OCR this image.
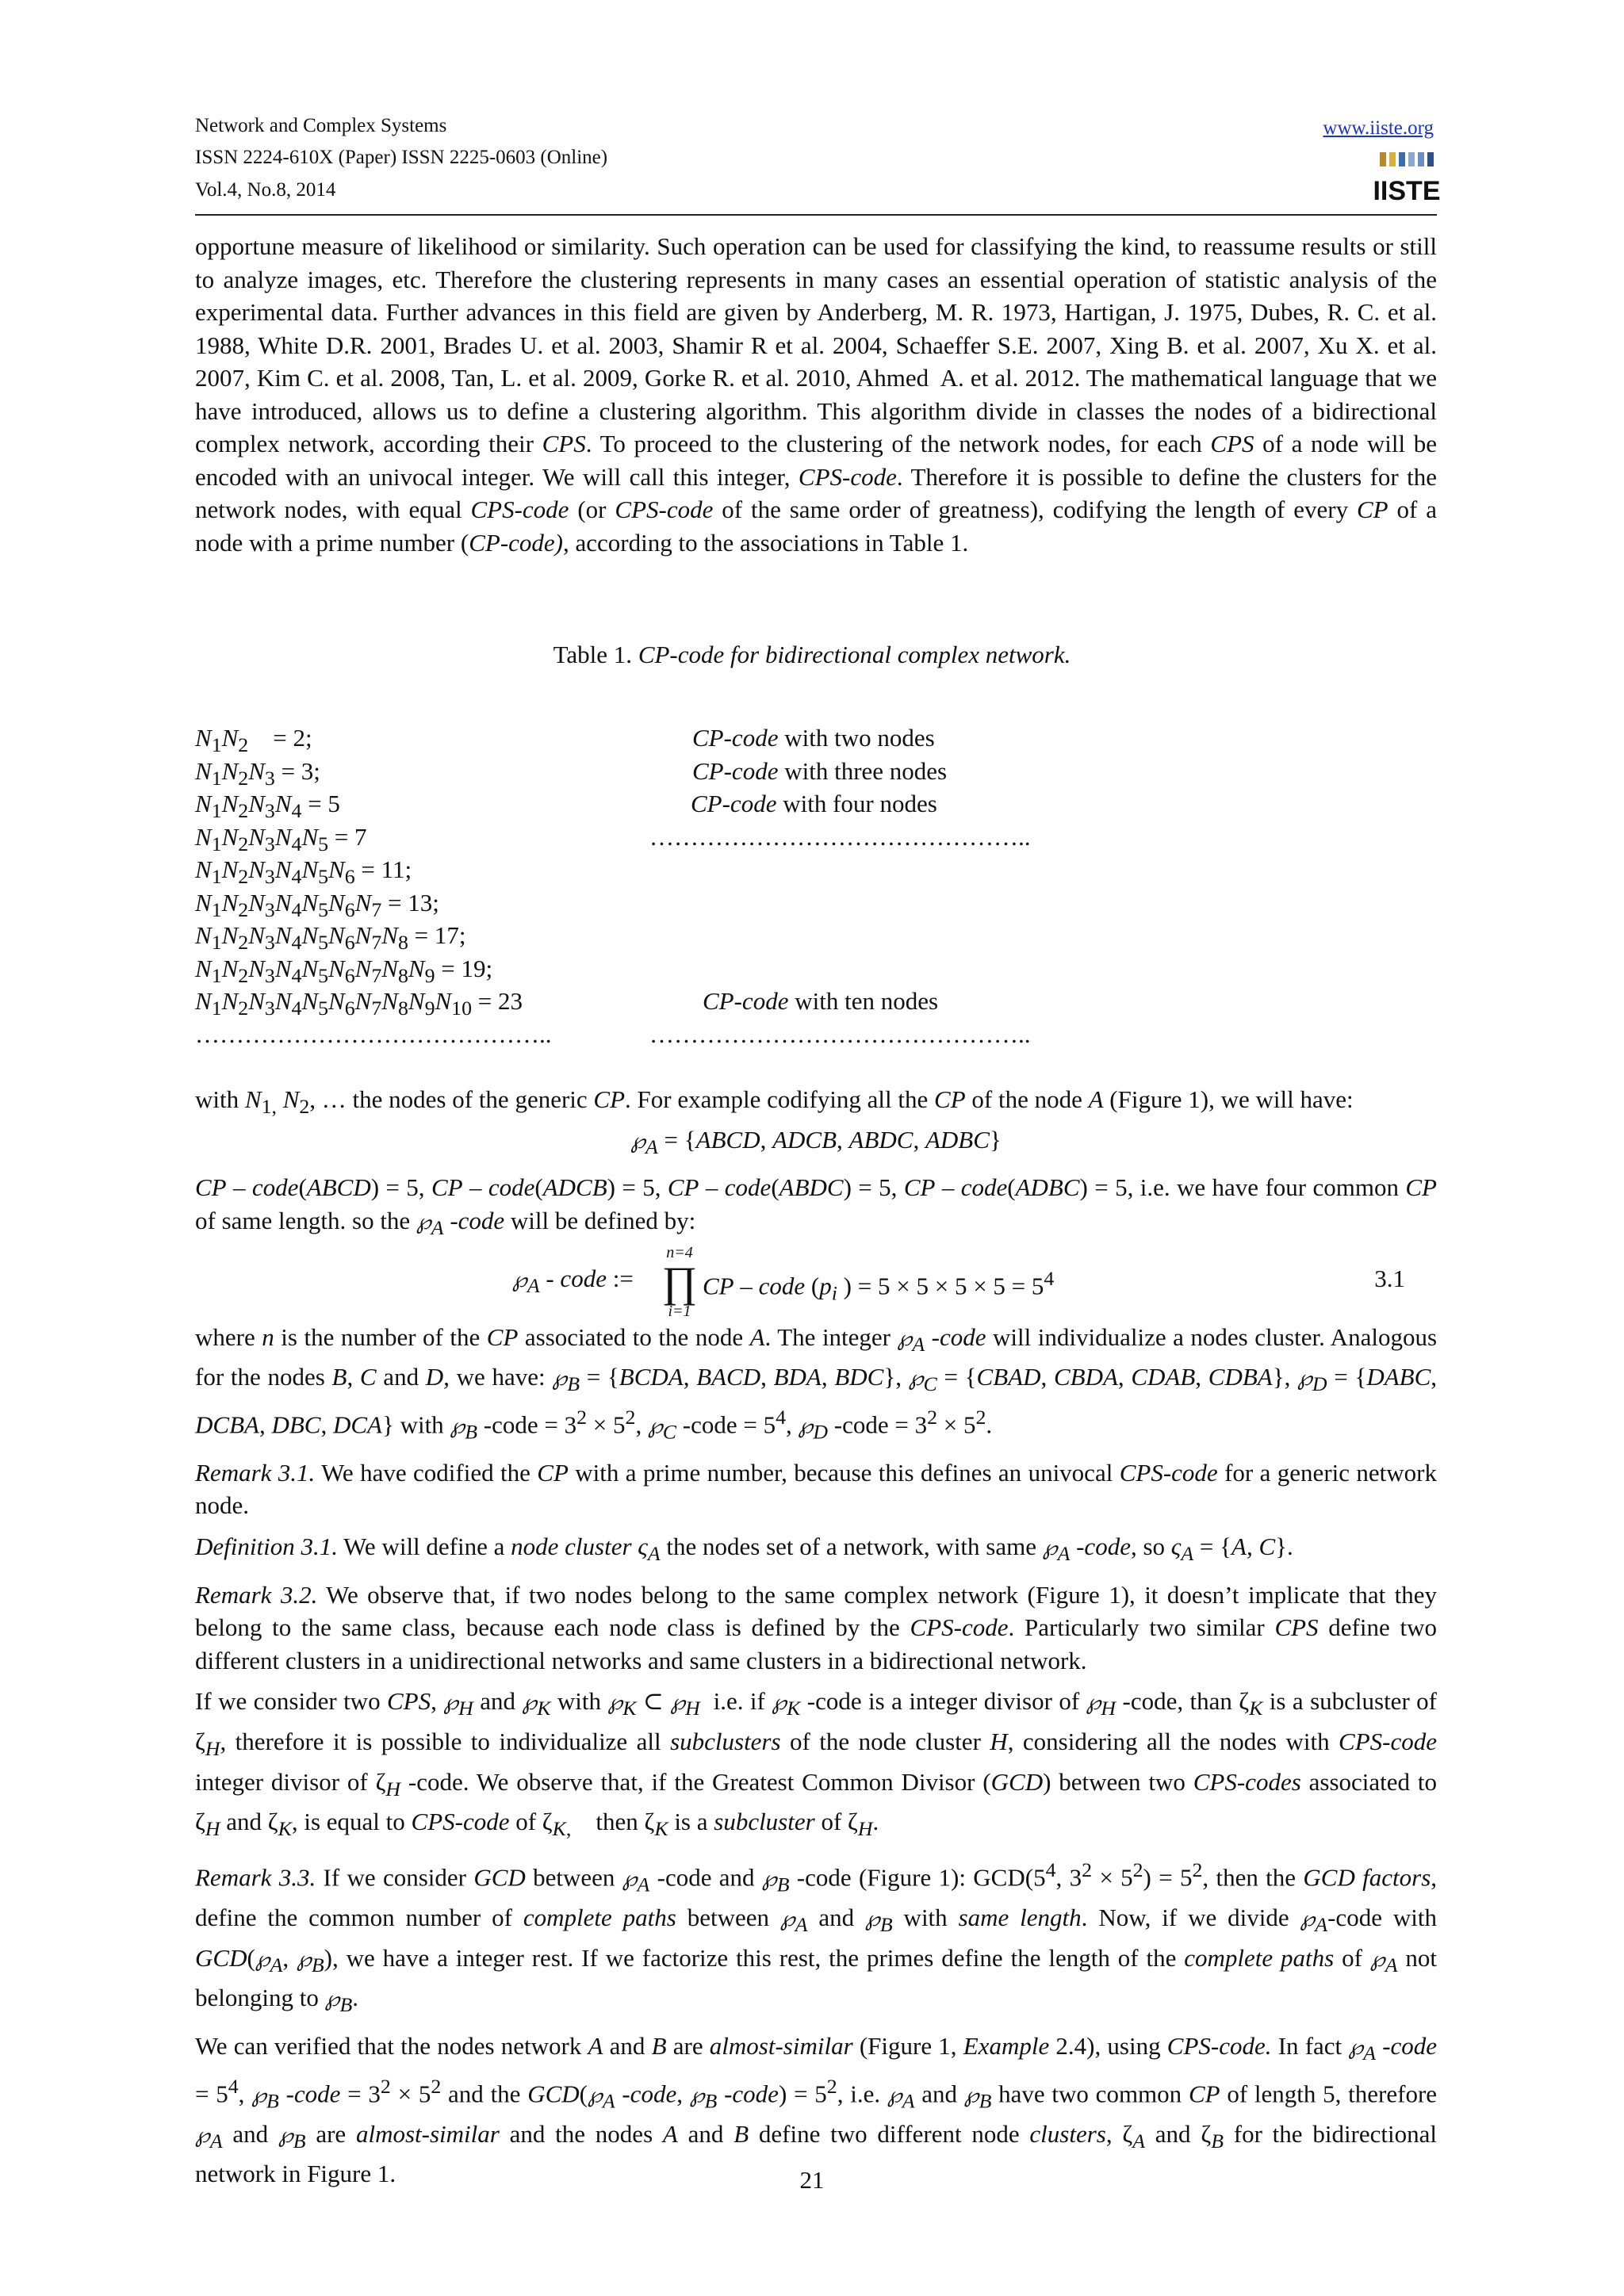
Network and Complex Systems
ISSN 2224-610X (Paper) ISSN 2225-0603 (Online)
Vol.4, No.8, 2014
www.iiste.org
IISTE

opportune measure of likelihood or similarity. Such operation can be used for classifying the kind, to reassume results or still to analyze images, etc. Therefore the clustering represents in many cases an essential operation of statistic analysis of the experimental data. Further advances in this field are given by Anderberg, M. R. 1973, Hartigan, J. 1975, Dubes, R. C. et al. 1988, White D.R. 2001, Brades U. et al. 2003, Shamir R et al. 2004, Schaeffer S.E. 2007, Xing B. et al. 2007, Xu X. et al. 2007, Kim C. et al. 2008, Tan, L. et al. 2009, Gorke R. et al. 2010, Ahmed  A. et al. 2012. The mathematical language that we have introduced, allows us to define a clustering algorithm. This algorithm divide in classes the nodes of a bidirectional complex network, according their CPS. To proceed to the clustering of the network nodes, for each CPS of a node will be encoded with an univocal integer. We will call this integer, CPS-code. Therefore it is possible to define the clusters for the network nodes, with equal CPS-code (or CPS-code of the same order of greatness), codifying the length of every CP of a node with a prime number (CP-code), according to the associations in Table 1.

Table 1. CP-code for bidirectional complex network.
$N_1N_2$    = 2;	CP-code with two nodes
$N_1N_2N_3 = 3$;	CP-code with three nodes
$N_1N_2N_3N_4 = 5$	CP-code with four nodes
$N_1N_2N_3N_4N_5 = 7$	………………………………………..
$N_1N_2N_3N_4N_5N_6 = 11$;
$N_1N_2N_3N_4N_5N_6N_7 = 13$;
$N_1N_2N_3N_4N_5N_6N_7N_8 = 17$;
$N_1N_2N_3N_4N_5N_6N_7N_8N_9 = 19$;
$N_1N_2N_3N_4N_5N_6N_7N_8N_9N_{10} = 23$	CP-code with ten nodes
……………………………………..	………………………………………..

with $N_{1,}$ $N_2$, … the nodes of the generic CP. For example codifying all the CP of the node A (Figure 1), we will have:

$℘_A$ = {ABCD, ADCB, ABDC, ADBC}

CP – code(ABCD) = 5, CP – code(ADCB) = 5, CP – code(ABDC) = 5, CP – code(ADBC) = 5, i.e. we have four common CP of same length. so the $℘_A$ -code will be defined by:

n=4
∏
i=1
$℘_A$ - code :=	CP – code ($p_i$ ) = $5 \times 5 \times 5 \times 5 = 5^4$	3.1

where n is the number of the CP associated to the node A. The integer $℘_A$ -code will individualize a nodes cluster. Analogous for the nodes B, C and D, we have: $℘_B$ = {BCDA, BACD, BDA, BDC}, $℘_C$ = {CBAD, CBDA, CDAB, CDBA}, $℘_D$ = {DABC, DCBA, DBC, DCA} with $℘_B$ -code = $3^2 \times 5^2$, $℘_C$ -code = $5^4$, $℘_D$ -code = $3^2 \times 5^2$.

Remark 3.1. We have codified the CP with a prime number, because this defines an univocal CPS-code for a generic network node.

Definition 3.1. We will define a node cluster $\varsigma_A$ the nodes set of a network, with same $℘_A$ -code, so $\varsigma_A = \{A$, C}.

Remark 3.2. We observe that, if two nodes belong to the same complex network (Figure 1), it doesn’t implicate that they belong to the same class, because each node class is defined by the CPS-code. Particularly two similar CPS define two different clusters in a unidirectional networks and same clusters in a bidirectional network.

If we consider two CPS, $℘_H$ and $℘_K$ with $℘_K$ ⊂ $℘_H$  i.e. if $℘_K$ -code is a integer divisor of $℘_H$ -code, than $\zeta_K$ is a subcluster of $\zeta_H$, therefore it is possible to individualize all subclusters of the node cluster H, considering all the nodes with CPS-code integer divisor of $\zeta_H$ -code. We observe that, if the Greatest Common Divisor (GCD) between two CPS-codes associated to $\zeta_H$ and $\zeta_K$, is equal to CPS-code of $\zeta_{K,}$    then $\zeta_K$ is a subcluster of $\zeta_H$.

Remark 3.3. If we consider GCD between $℘_A$ -code and $℘_B$ -code (Figure 1): $GCD(5^4$, $3^2 \times 5^2) = 5^2$, then the GCD factors, define the common number of complete paths between $℘_A$ and $℘_B$ with same length. Now, if we divide $℘_A$-code with $GCD(℘_A$, $℘_B$), we have a integer rest. If we factorize this rest, the primes define the length of the complete paths of $℘_A$ not belonging to $℘_B$.

We can verified that the nodes network A and B are almost-similar (Figure 1, Example 2.4), using CPS-code. In fact $℘_A$ -code = $5^4$, $℘_B$ -code = $3^2 \times 5^2$ and the $GCD(℘_A$ -code, $℘_B$ -code) = $5^2$, i.e. $℘_A$ and $℘_B$ have two common CP of length 5, therefore $℘_A$ and $℘_B$ are almost-similar and the nodes A and B define two different node clusters, $\zeta_A$ and $\zeta_B$ for the bidirectional network in Figure 1.	21
